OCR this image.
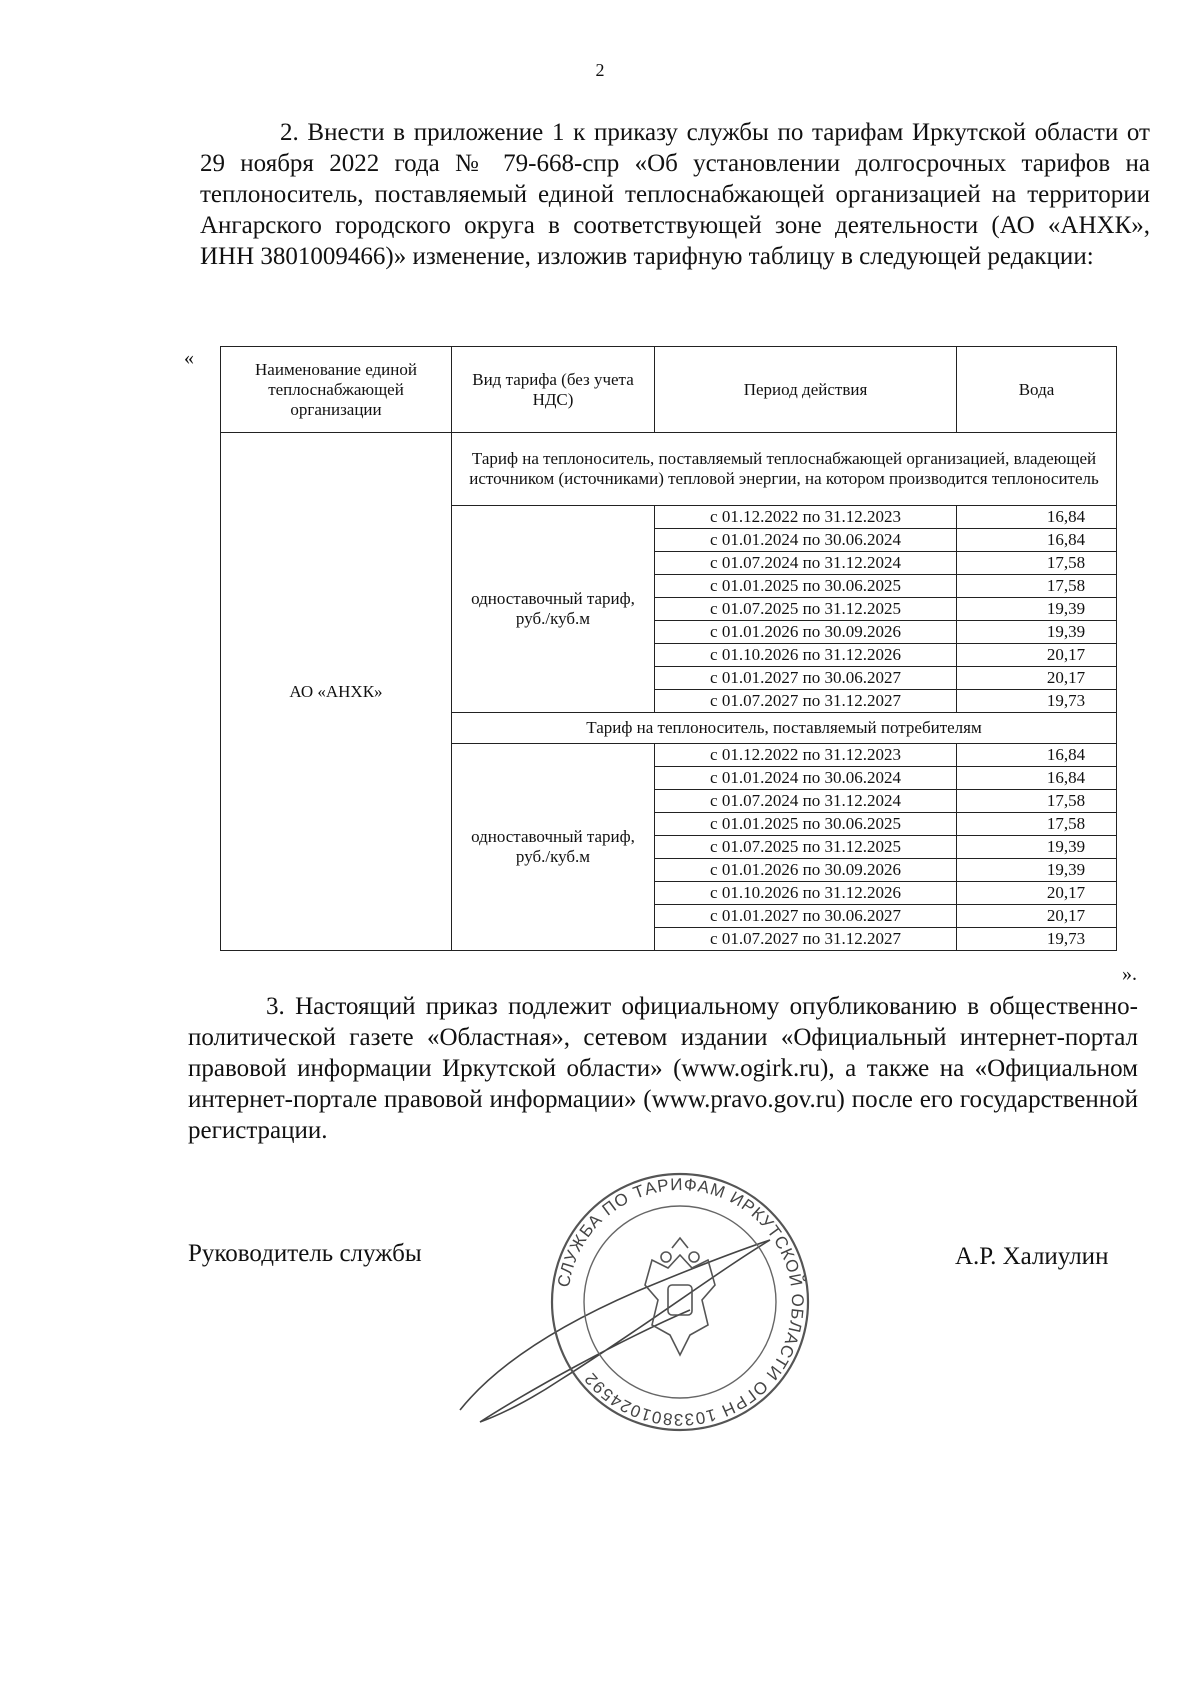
2

2. Внести в приложение 1 к приказу службы по тарифам Иркутской области от 29 ноября 2022 года № 79-668-спр «Об установлении долгосрочных тарифов на теплоноситель, поставляемый единой теплоснабжающей организацией на территории Ангарского городского округа в соответствующей зоне деятельности (АО «АНХК», ИНН 3801009466)» изменение, изложив тарифную таблицу в следующей редакции:

«	Наименование единой теплоснабжающей организации	Вид тарифа (без учета НДС)	Период действия	Вода
АО «АНХК»	Тариф на теплоноситель, поставляемый теплоснабжающей организацией, владеющей источником (источниками) тепловой энергии, на котором производится теплоноситель		
	одноставочный тариф, руб./куб.м	с 01.12.2022 по 31.12.2023	16,84
		с 01.01.2024 по 30.06.2024	16,84
		с 01.07.2024 по 31.12.2024	17,58
		с 01.01.2025 по 30.06.2025	17,58
		с 01.07.2025 по 31.12.2025	19,39
		с 01.01.2026 по 30.09.2026	19,39
		с 01.10.2026 по 31.12.2026	20,17
		с 01.01.2027 по 30.06.2027	20,17
		с 01.07.2027 по 31.12.2027	19,73
	Тариф на теплоноситель, поставляемый потребителям		
	одноставочный тариф, руб./куб.м	с 01.12.2022 по 31.12.2023	16,84
		с 01.01.2024 по 30.06.2024	16,84
		с 01.07.2024 по 31.12.2024	17,58
		с 01.01.2025 по 30.06.2025	17,58
		с 01.07.2025 по 31.12.2025	19,39
		с 01.01.2026 по 30.09.2026	19,39
		с 01.10.2026 по 31.12.2026	20,17
		с 01.01.2027 по 30.06.2027	20,17
		с 01.07.2027 по 31.12.2027	19,73
».

3. Настоящий приказ подлежит официальному опубликованию в общественно-политической газете «Областная», сетевом издании «Официальный интернет-портал правовой информации Иркутской области» (www.ogirk.ru), а также на «Официальном интернет-портале правовой информации» (www.pravo.gov.ru) после его государственной регистрации.

СЛУЖБА ПО ТАРИФАМ ИРКУТСКОЙ ОБЛАСТИ ОГРН 1033801024592
Руководитель службы	А.Р. Халиулин
